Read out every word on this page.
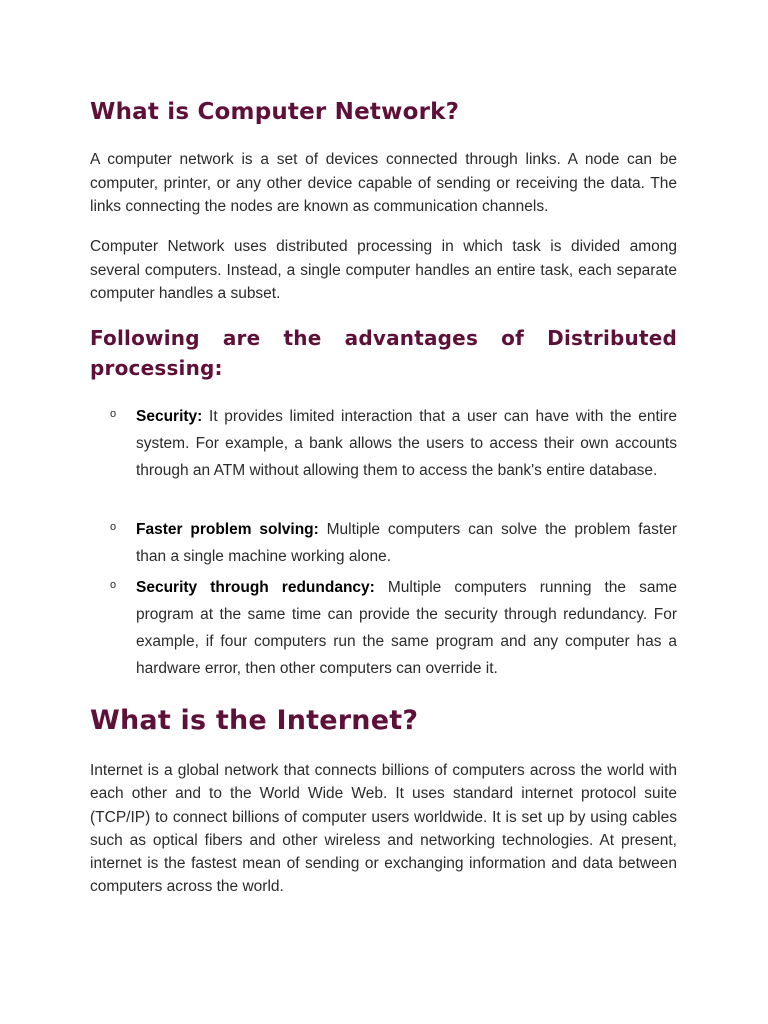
What is Computer Network?

A computer network is a set of devices connected through links. A node can be computer, printer, or any other device capable of sending or receiving the data. The links connecting the nodes are known as communication channels.

Computer Network uses distributed processing in which task is divided among several computers. Instead, a single computer handles an entire task, each separate computer handles a subset.

Following are the advantages of Distributed processing:
o Security: It provides limited interaction that a user can have with the entire system. For example, a bank allows the users to access their own accounts through an ATM without allowing them to access the bank's entire database.
o Faster problem solving: Multiple computers can solve the problem faster than a single machine working alone.
o Security through redundancy: Multiple computers running the same program at the same time can provide the security through redundancy. For example, if four computers run the same program and any computer has a hardware error, then other computers can override it.
What is the Internet?

Internet is a global network that connects billions of computers across the world with each other and to the World Wide Web. It uses standard internet protocol suite (TCP/IP) to connect billions of computer users worldwide. It is set up by using cables such as optical fibers and other wireless and networking technologies. At present, internet is the fastest mean of sending or exchanging information and data between computers across the world.
